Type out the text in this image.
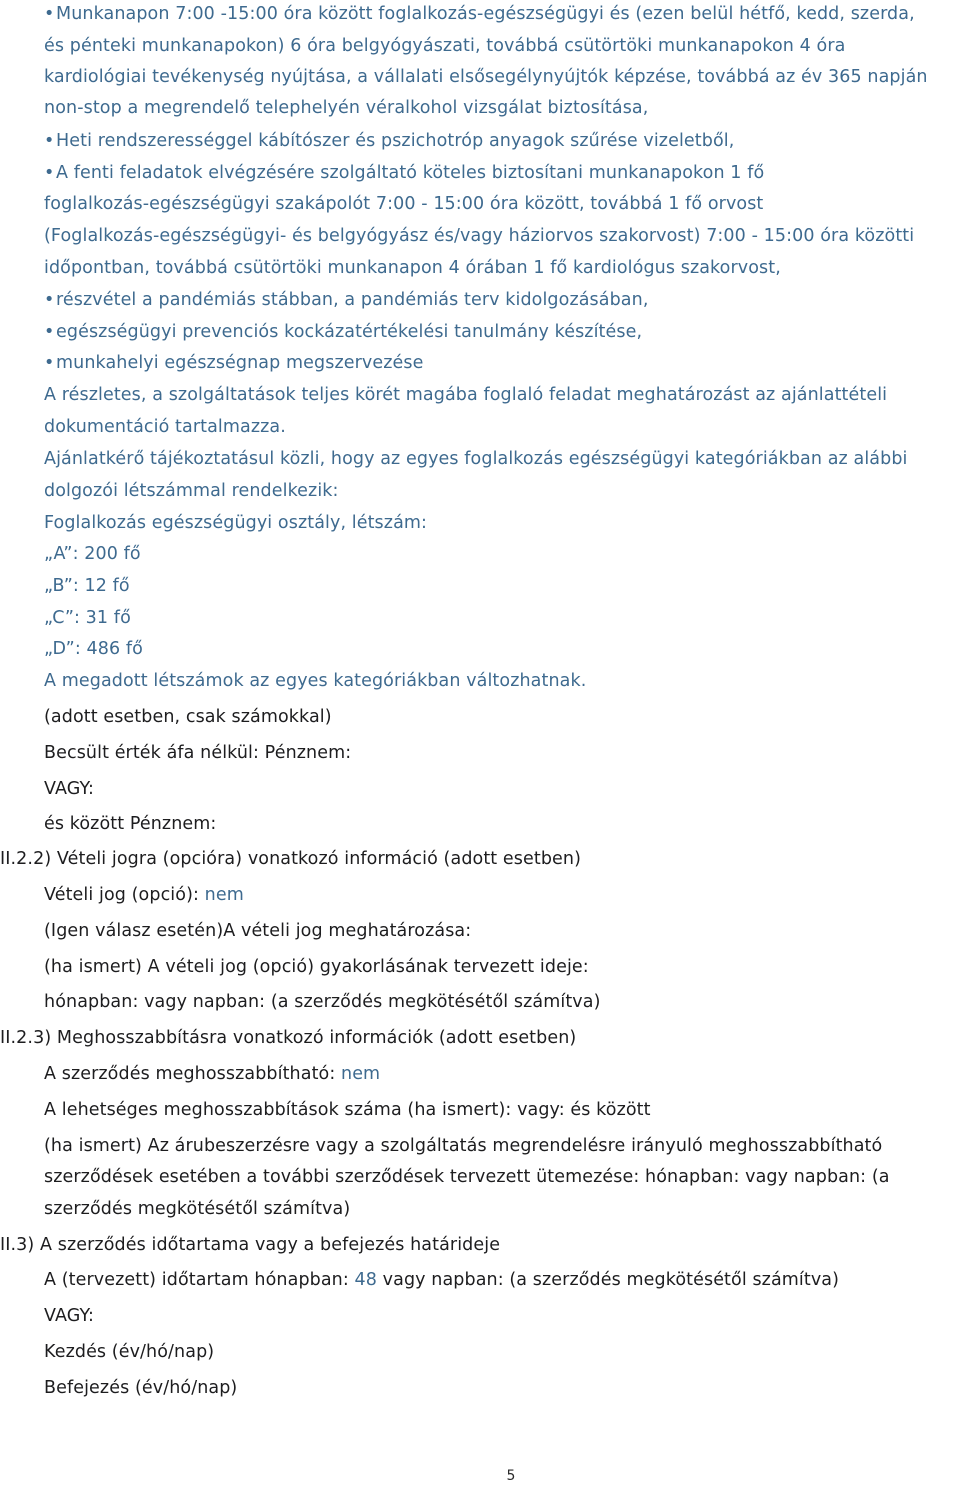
•Munkanapon 7:00 -15:00 óra között foglalkozás-egészségügyi és (ezen belül hétfő, kedd, szerda,
és pénteki munkanapokon) 6 óra belgyógyászati, továbbá csütörtöki munkanapokon 4 óra
kardiológiai tevékenység nyújtása, a vállalati elsősegélynyújtók képzése, továbbá az év 365 napján
non-stop a megrendelő telephelyén véralkohol vizsgálat biztosítása,
•Heti rendszerességgel kábítószer és pszichotróp anyagok szűrése vizeletből,
•A fenti feladatok elvégzésére szolgáltató köteles biztosítani munkanapokon 1 fő
foglalkozás-egészségügyi szakápolót 7:00 - 15:00 óra között, továbbá 1 fő orvost
(Foglalkozás-egészségügyi- és belgyógyász és/vagy háziorvos szakorvost) 7:00 - 15:00 óra közötti
időpontban, továbbá csütörtöki munkanapon 4 órában 1 fő kardiológus szakorvost,
•részvétel a pandémiás stábban, a pandémiás terv kidolgozásában,
•egészségügyi prevenciós kockázatértékelési tanulmány készítése,
•munkahelyi egészségnap megszervezése
A részletes, a szolgáltatások teljes körét magába foglaló feladat meghatározást az ajánlattételi
dokumentáció tartalmazza.
Ajánlatkérő tájékoztatásul közli, hogy az egyes foglalkozás egészségügyi kategóriákban az alábbi
dolgozói létszámmal rendelkezik:
Foglalkozás egészségügyi osztály, létszám:
„A”: 200 fő
„B”: 12 fő
„C”: 31 fő
„D”: 486 fő
A megadott létszámok az egyes kategóriákban változhatnak.
(adott esetben, csak számokkal)
Becsült érték áfa nélkül: Pénznem:
VAGY:
és között Pénznem:
II.2.2) Vételi jogra (opcióra) vonatkozó információ (adott esetben)
Vételi jog (opció): nem
(Igen válasz esetén)A vételi jog meghatározása:
(ha ismert) A vételi jog (opció) gyakorlásának tervezett ideje:
hónapban: vagy napban: (a szerződés megkötésétől számítva)
II.2.3) Meghosszabbításra vonatkozó információk (adott esetben)
A szerződés meghosszabbítható: nem
A lehetséges meghosszabbítások száma (ha ismert): vagy: és között
(ha ismert) Az árubeszerzésre vagy a szolgáltatás megrendelésre irányuló meghosszabbítható
szerződések esetében a további szerződések tervezett ütemezése: hónapban: vagy napban: (a
szerződés megkötésétől számítva)
II.3) A szerződés időtartama vagy a befejezés határideje
A (tervezett) időtartam hónapban: 48 vagy napban: (a szerződés megkötésétől számítva)
VAGY:
Kezdés (év/hó/nap)
Befejezés (év/hó/nap)
5
